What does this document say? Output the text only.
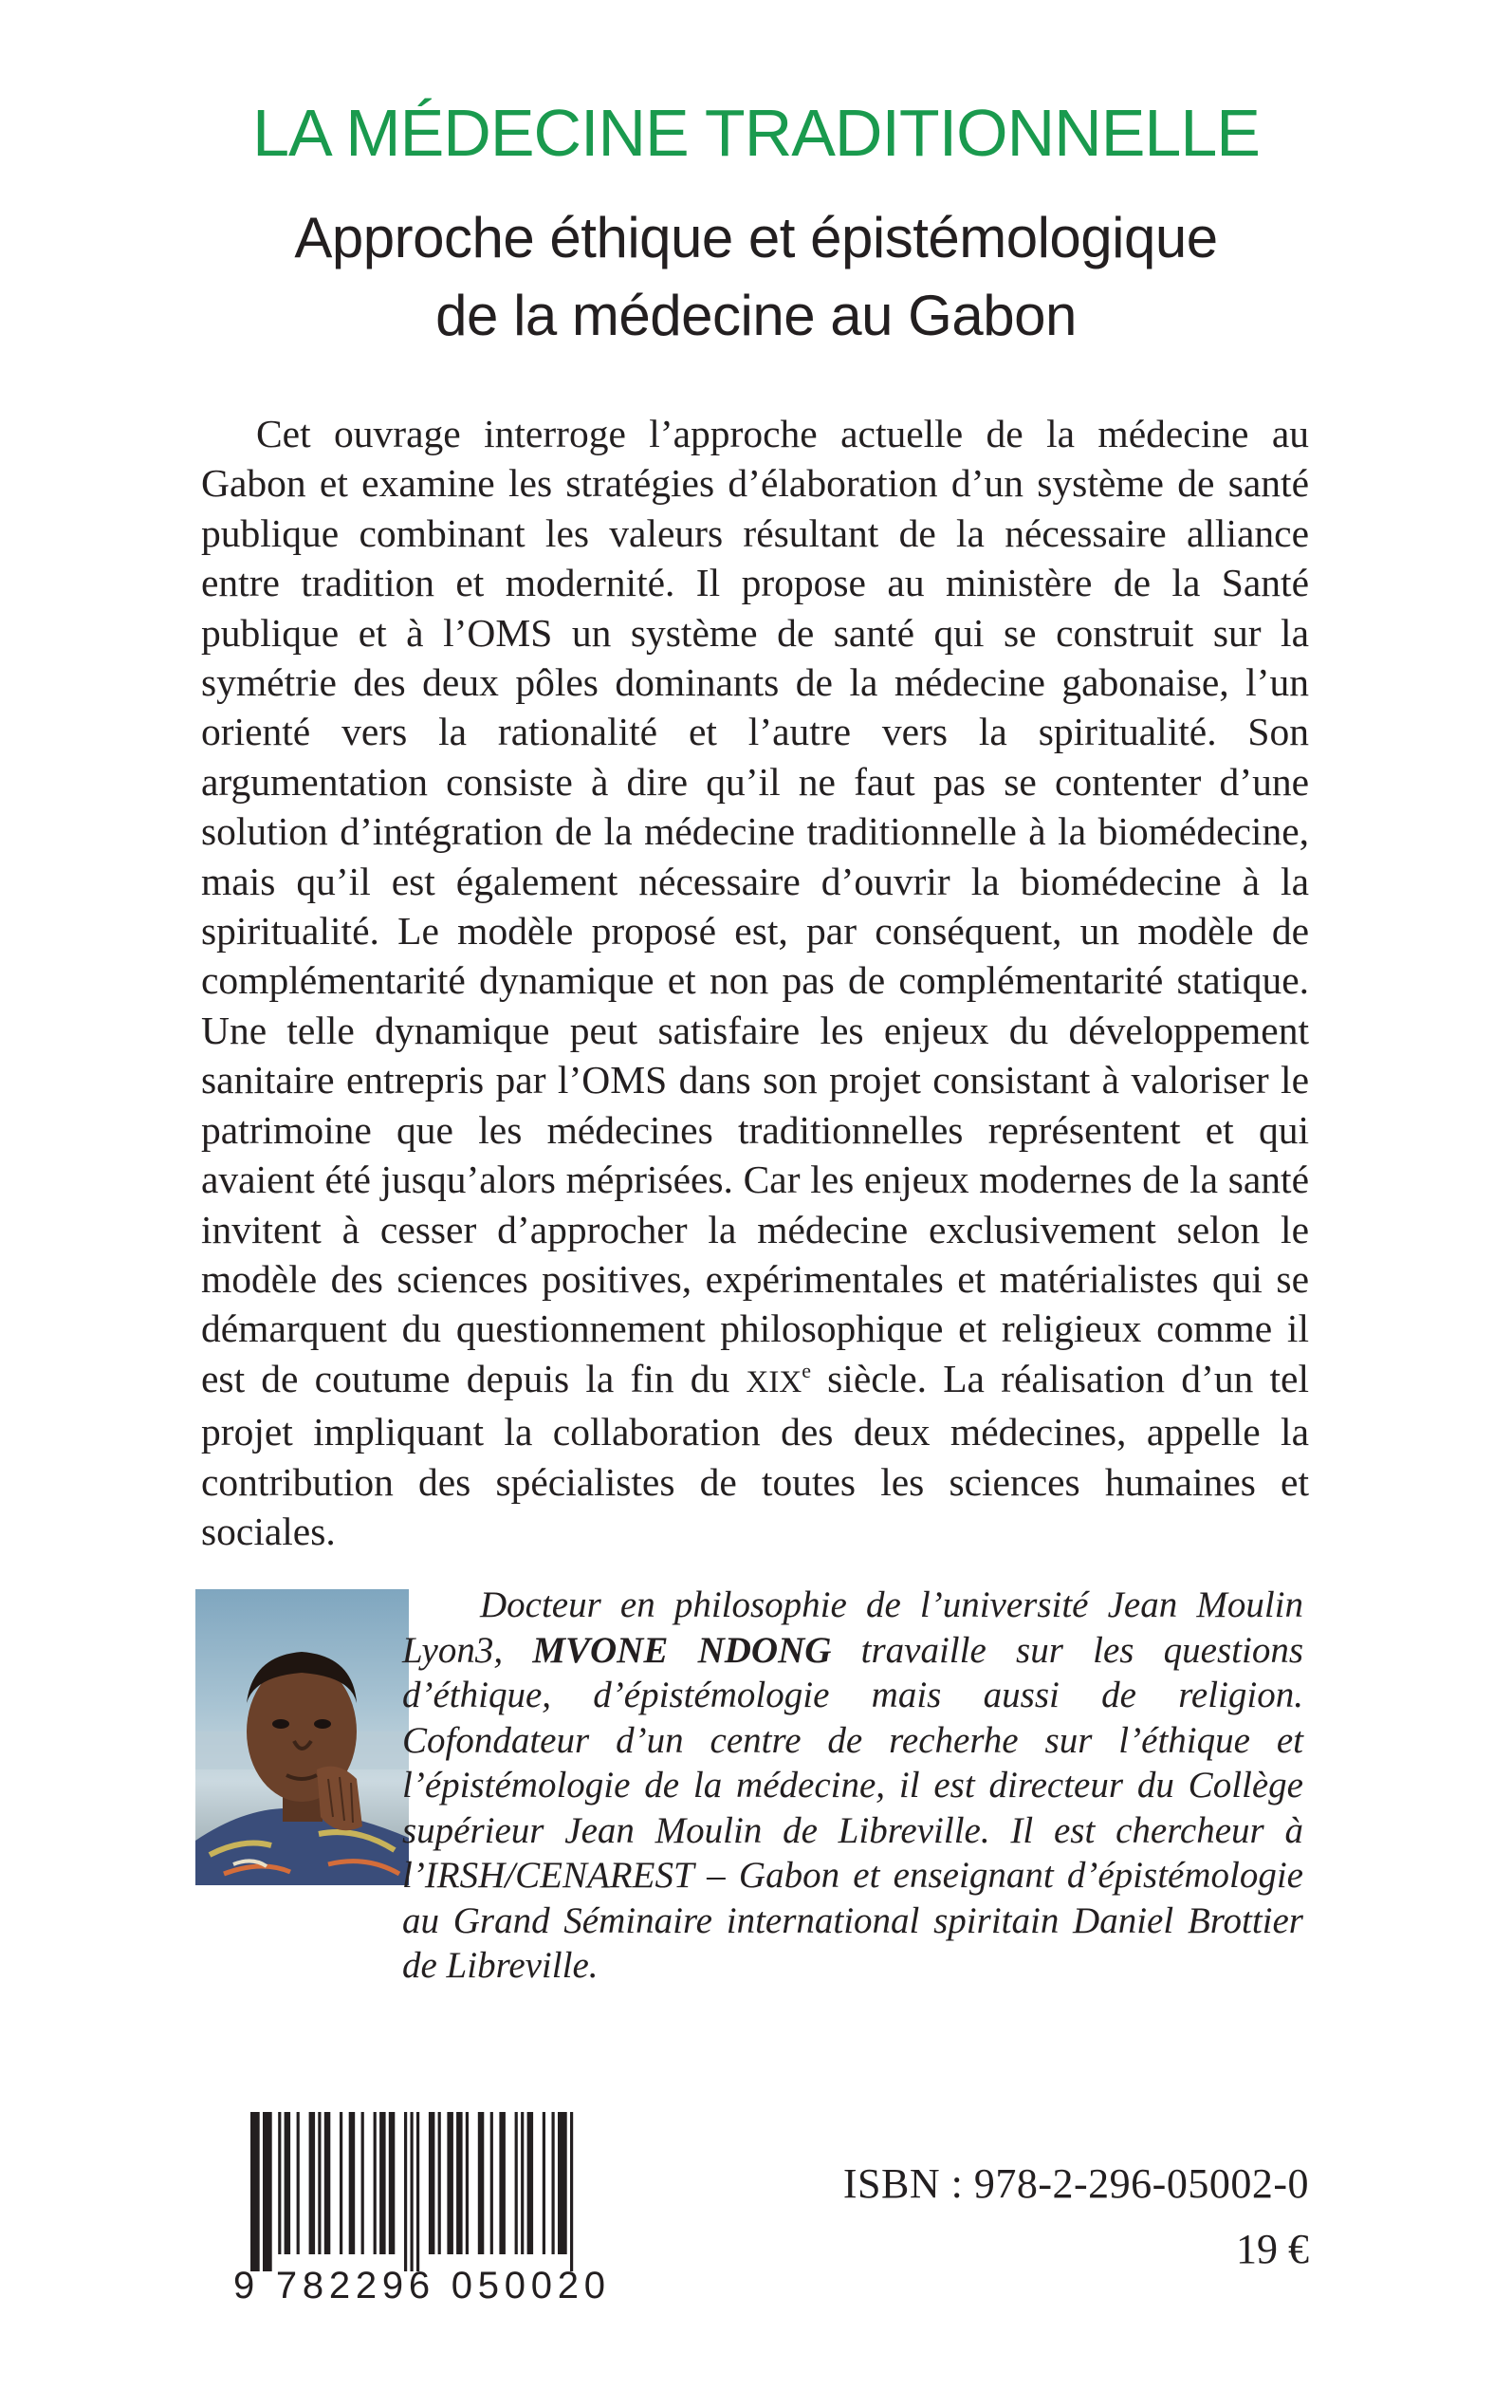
LA MÉDECINE TRADITIONNELLE
Approche éthique et épistémologique
de la médecine au Gabon

Cet ouvrage interroge l’approche actuelle de la médecine au Gabon et examine les stratégies d’élaboration d’un système de santé publique combinant les valeurs résultant de la nécessaire alliance entre tradition et modernité. Il propose au ministère de la Santé publique et à l’OMS un système de santé qui se construit sur la symétrie des deux pôles dominants de la médecine gabonaise, l’un orienté vers la rationalité et l’autre vers la spiritualité. Son argumentation consiste à dire qu’il ne faut pas se contenter d’une solution d’intégration de la médecine traditionnelle à la biomédecine, mais qu’il est également nécessaire d’ouvrir la biomédecine à la spiritualité. Le modèle proposé est, par conséquent, un modèle de complémentarité dynamique et non pas de complémentarité statique. Une telle dynamique peut satisfaire les enjeux du développement sanitaire entrepris par l’OMS dans son projet consistant à valoriser le patrimoine que les médecines traditionnelles représentent et qui avaient été jusqu’alors méprisées. Car les enjeux modernes de la santé invitent à cesser d’approcher la médecine exclusivement selon le modèle des sciences positives, expérimentales et matérialistes qui se démarquent du questionnement philosophique et religieux comme il est de coutume depuis la fin du XIXe siècle. La réalisation d’un tel projet impliquant la collaboration des deux médecines, appelle la contribution des spécialistes de toutes les sciences humaines et sociales.

Docteur en philosophie de l’université Jean Moulin Lyon3, MVONE NDONG travaille sur les questions d’éthique, d’épistémologie mais aussi de religion. Cofondateur d’un centre de recherhe sur l’éthique et l’épistémologie de la médecine, il est directeur du Collège supérieur Jean Moulin de Libreville. Il est chercheur à l’IRSH/CENAREST – Gabon et enseignant d’épistémologie au Grand Séminaire international spiritain Daniel Brottier de Libreville.

9 782296 050020

ISBN : 978-2-296-05002-0

19 €
